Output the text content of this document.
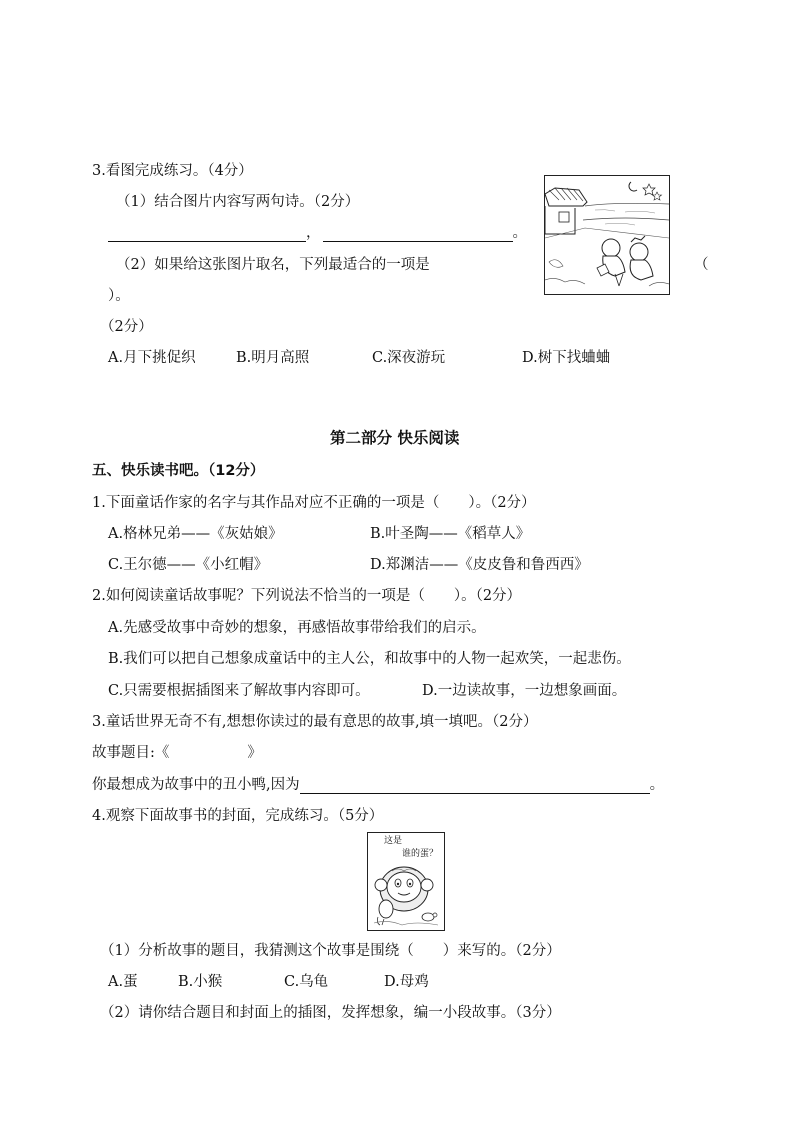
3.看图完成练习。（4分）
（1）结合图片内容写两句诗。（2分）
，	。
（2）如果给这张图片取名，下列最适合的一项是	（
）。
（2分）
A.月下挑促织	B.明月高照	C.深夜游玩	D.树下找蛐蛐
第二部分 快乐阅读
五、快乐读书吧。（12分）
1.下面童话作家的名字与其作品对应不正确的一项是（　　）。（2分）
A.格林兄弟——《灰姑娘》	B.叶圣陶——《稻草人》
C.王尔德——《小红帽》	D.郑渊洁——《皮皮鲁和鲁西西》
2.如何阅读童话故事呢？下列说法不恰当的一项是（　　）。（2分）
A.先感受故事中奇妙的想象，再感悟故事带给我们的启示。
B.我们可以把自己想象成童话中的主人公，和故事中的人物一起欢笑，一起悲伤。
C.只需要根据插图来了解故事内容即可。	D.一边读故事，一边想象画面。
3.童话世界无奇不有,想想你读过的最有意思的故事,填一填吧。（2分）
故事题目:《	》
你最想成为故事中的丑小鸭,因为	。
4.观察下面故事书的封面，完成练习。（5分）
这是
谁的蛋？
（1）分析故事的题目，我猜测这个故事是围绕（　　）来写的。（2分）
A.蛋	B.小猴	C.乌龟	D.母鸡
（2）请你结合题目和封面上的插图，发挥想象，编一小段故事。（3分）
